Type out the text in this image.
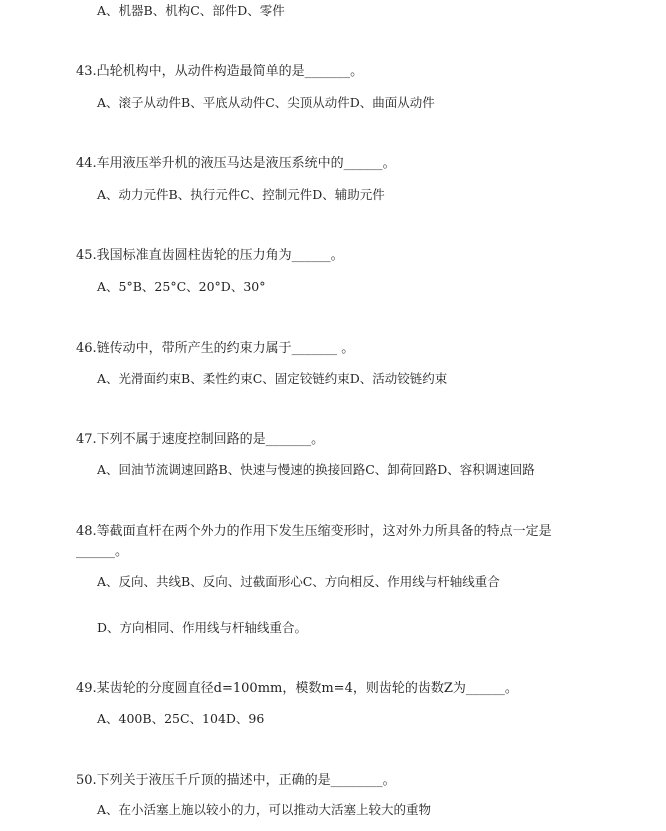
A、机器B、机构C、部件D、零件
43.凸轮机构中，从动件构造最简单的是_______。
A、滚子从动件B、平底从动件C、尖顶从动件D、曲面从动件
44.车用液压举升机的液压马达是液压系统中的______。
A、动力元件B、执行元件C、控制元件D、辅助元件
45.我国标准直齿圆柱齿轮的压力角为______。
A、5°B、25°C、20°D、30°
46.链传动中，带所产生的约束力属于_______ 。
A、光滑面约束B、柔性约束C、固定铰链约束D、活动铰链约束
47.下列不属于速度控制回路的是_______。
A、回油节流调速回路B、快速与慢速的换接回路C、卸荷回路D、容积调速回路
48.等截面直杆在两个外力的作用下发生压缩变形时，这对外力所具备的特点一定是
______。
A、反向、共线B、反向、过截面形心C、方向相反、作用线与杆轴线重合
D、方向相同、作用线与杆轴线重合。
49.某齿轮的分度圆直径d=100mm，模数m=4，则齿轮的齿数Z为______。
A、400B、25C、104D、96
50.下列关于液压千斤顶的描述中，正确的是________。
A、在小活塞上施以较小的力，可以推动大活塞上较大的重物
